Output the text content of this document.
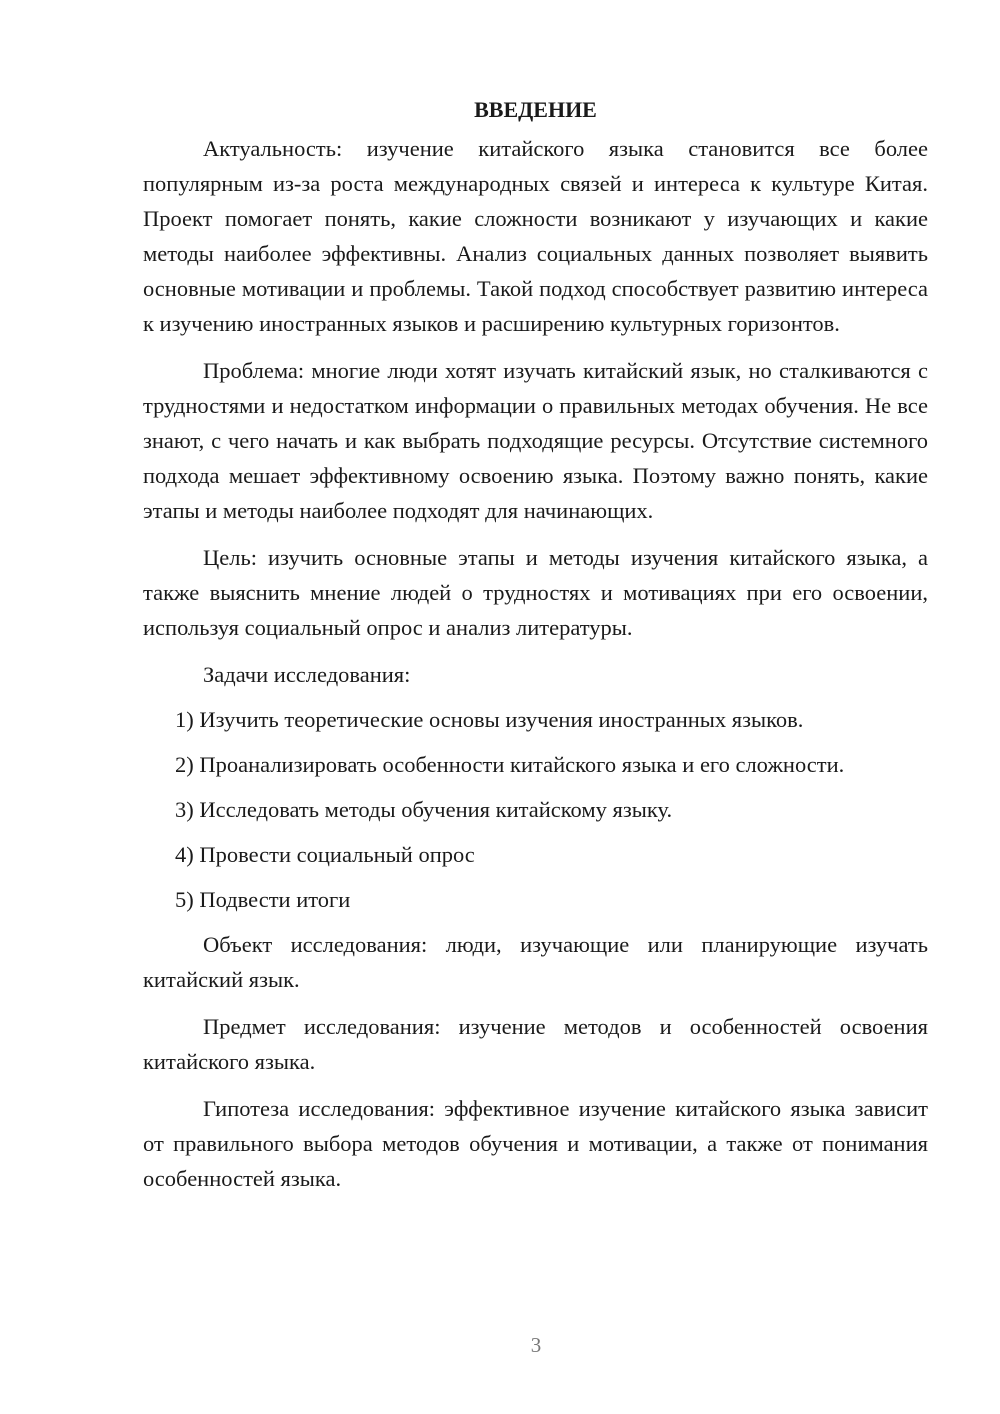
ВВЕДЕНИЕ

Актуальность: изучение китайского языка становится все более популярным из-за роста международных связей и интереса к культуре Китая. Проект помогает понять, какие сложности возникают у изучающих и какие методы наиболее эффективны. Анализ социальных данных позволяет выявить основные мотивации и проблемы. Такой подход способствует развитию интереса к изучению иностранных языков и расширению культурных горизонтов.

Проблема: многие люди хотят изучать китайский язык, но сталкиваются с трудностями и недостатком информации о правильных методах обучения. Не все знают, с чего начать и как выбрать подходящие ресурсы. Отсутствие системного подхода мешает эффективному освоению языка. Поэтому важно понять, какие этапы и методы наиболее подходят для начинающих.

Цель: изучить основные этапы и методы изучения китайского языка, а также выяснить мнение людей о трудностях и мотивациях при его освоении, используя социальный опрос и анализ литературы.

Задачи исследования:

1) Изучить теоретические основы изучения иностранных языков.
2) Проанализировать особенности китайского языка и его сложности.
3) Исследовать методы обучения китайскому языку.
4) Провести социальный опрос
5) Подвести итоги

Объект исследования: люди, изучающие или планирующие изучать китайский язык.

Предмет исследования: изучение методов и особенностей освоения китайского языка.

Гипотеза исследования: эффективное изучение китайского языка зависит от правильного выбора методов обучения и мотивации, а также от понимания особенностей языка.

3
